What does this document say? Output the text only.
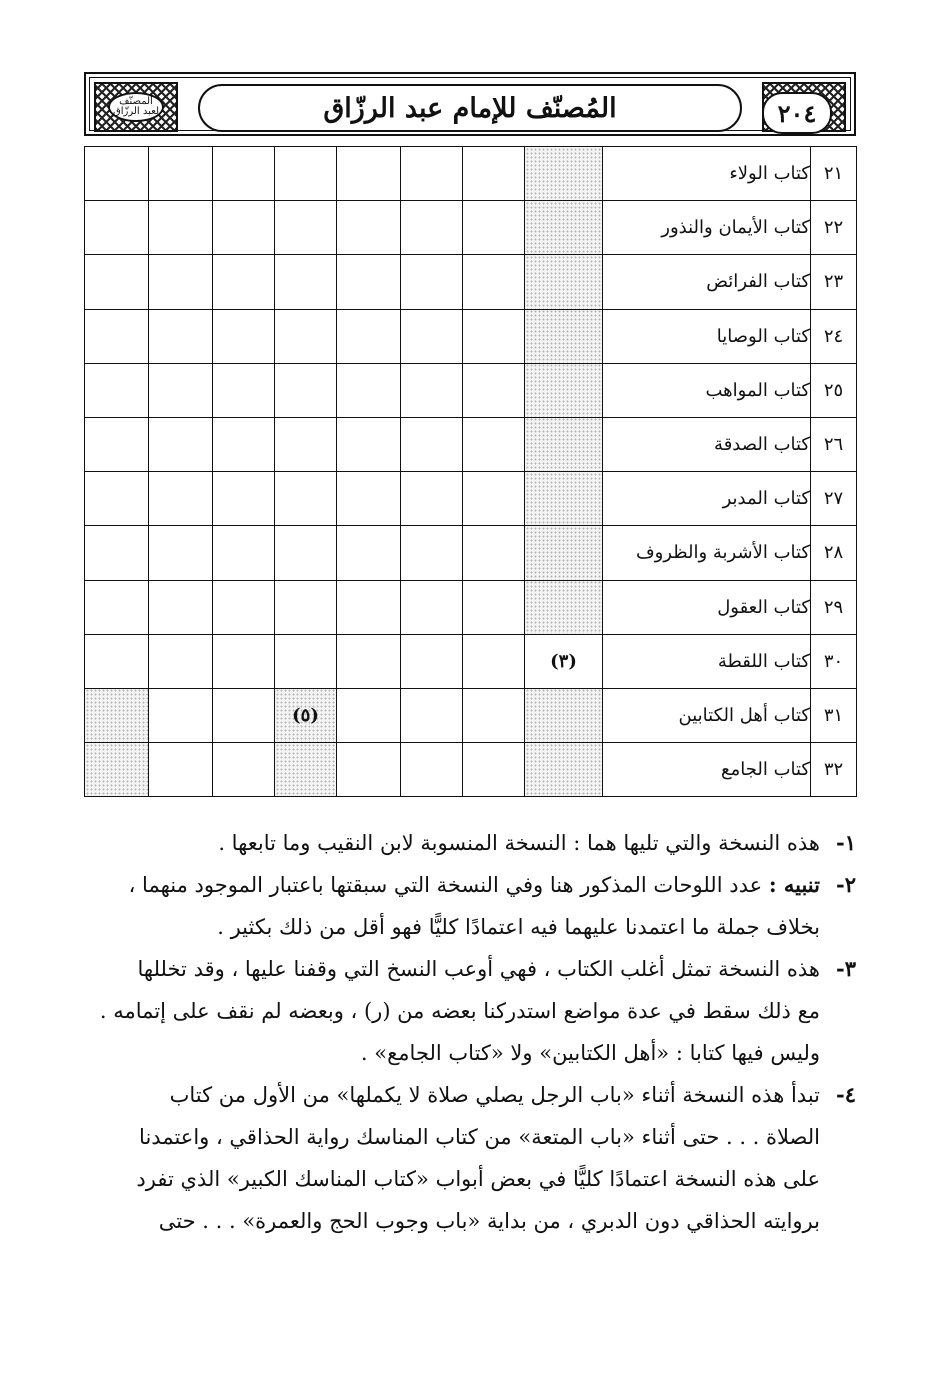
المصنّف لعبد الرزّاق	المُصنّف للإمام عبد الرزّاق	٢٠٤
٢١	كتاب الولاء								
٢٢	كتاب الأيمان والنذور								
٢٣	كتاب الفرائض								
٢٤	كتاب الوصايا								
٢٥	كتاب المواهب								
٢٦	كتاب الصدقة								
٢٧	كتاب المدبر								
٢٨	كتاب الأشربة والظروف								
٢٩	كتاب العقول								
٣٠	كتاب اللقطة	(٣)							

٣١	كتاب أهل الكتابين					(٥)			

٣٢	كتاب الجامع								
١-
هذه النسخة والتي تليها هما : النسخة المنسوبة لابن النقيب وما تابعها .
٢-
تنبيه : عدد اللوحات المذكور هنا وفي النسخة التي سبقتها باعتبار الموجود منهما ،
بخلاف جملة ما اعتمدنا عليهما فيه اعتمادًا كليًّا فهو أقل من ذلك بكثير .
٣-
هذه النسخة تمثل أغلب الكتاب ، فهي أوعب النسخ التي وقفنا عليها ، وقد تخللها
مع ذلك سقط في عدة مواضع استدركنا بعضه من (ر) ، وبعضه لم نقف على إتمامه .
وليس فيها كتابا : «أهل الكتابين» ولا «كتاب الجامع» .
٤-
تبدأ هذه النسخة أثناء «باب الرجل يصلي صلاة لا يكملها» من الأول من كتاب
الصلاة . . . حتى أثناء «باب المتعة» من كتاب المناسك رواية الحذاقي ، واعتمدنا
على هذه النسخة اعتمادًا كليًّا في بعض أبواب «كتاب المناسك الكبير» الذي تفرد
بروايته الحذاقي دون الدبري ، من بداية «باب وجوب الحج والعمرة» . . . حتى
